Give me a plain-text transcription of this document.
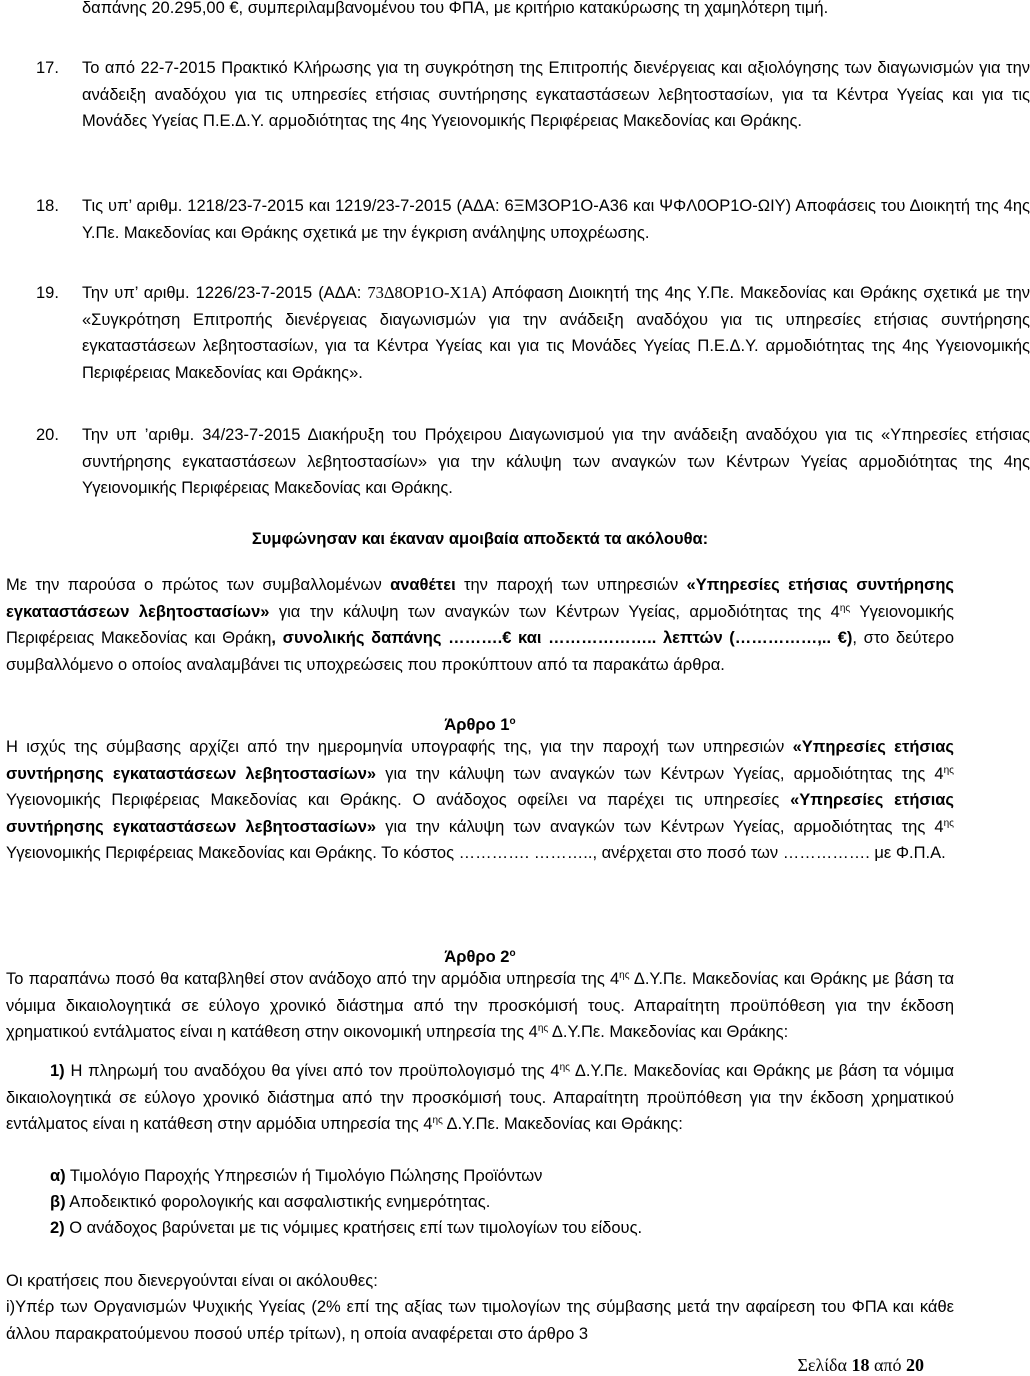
δαπάνης 20.295,00 €, συμπεριλαμβανομένου του ΦΠΑ, με κριτήριο κατακύρωσης τη χαμηλότερη τιμή.
17. Το από 22-7-2015 Πρακτικό Κλήρωσης για τη συγκρότηση της Επιτροπής διενέργειας και αξιολόγησης των διαγωνισμών για την ανάδειξη αναδόχου για τις υπηρεσίες ετήσιας συντήρησης εγκαταστάσεων λεβητοστασίων, για τα Κέντρα Υγείας και για τις Μονάδες Υγείας Π.Ε.Δ.Υ. αρμοδιότητας της 4ης Υγειονομικής Περιφέρειας Μακεδονίας και Θράκης.
18. Τις υπ’ αριθμ. 1218/23-7-2015 και 1219/23-7-2015 (ΑΔΑ: 6ΞΜ3ΟΡ1Ο-Α36 και ΨΦΛ0ΟΡ1Ο-ΩΙΥ) Αποφάσεις του Διοικητή της 4ης Υ.Πε. Μακεδονίας και Θράκης σχετικά με την έγκριση ανάληψης υποχρέωσης.
19. Την υπ’ αριθμ. 1226/23-7-2015 (ΑΔΑ: 73Δ8ΟΡ1Ο-Χ1Α) Απόφαση Διοικητή της 4ης Υ.Πε. Μακεδονίας και Θράκης σχετικά με την «Συγκρότηση Επιτροπής διενέργειας διαγωνισμών για την ανάδειξη αναδόχου για τις υπηρεσίες ετήσιας συντήρησης εγκαταστάσεων λεβητοστασίων, για τα Κέντρα Υγείας και για τις Μονάδες Υγείας Π.Ε.Δ.Υ. αρμοδιότητας της 4ης Υγειονομικής Περιφέρειας Μακεδονίας και Θράκης».
20. Την υπ ’αριθμ. 34/23-7-2015 Διακήρυξη του Πρόχειρου Διαγωνισμού για την ανάδειξη αναδόχου για τις «Υπηρεσίες ετήσιας συντήρησης εγκαταστάσεων λεβητοστασίων» για την κάλυψη των αναγκών των Κέντρων Υγείας αρμοδιότητας της 4ης Υγειονομικής Περιφέρειας Μακεδονίας και Θράκης.
Συμφώνησαν και έκαναν αμοιβαία αποδεκτά τα ακόλουθα:

Με την παρούσα ο πρώτος των συμβαλλομένων αναθέτει την παροχή των υπηρεσιών «Υπηρεσίες ετήσιας συντήρησης εγκαταστάσεων λεβητοστασίων» για την κάλυψη των αναγκών των Κέντρων Υγείας, αρμοδιότητας της $4^{\eta\varsigma}$ Υγειονομικής Περιφέρειας Μακεδονίας και Θράκη, συνολικής δαπάνης ……….€ και ……………….. λεπτών (……………,.. €), στο δεύτερο συμβαλλόμενο ο οποίος αναλαμβάνει τις υποχρεώσεις που προκύπτουν από τα παρακάτω άρθρα.

Άρθρο $1^o$

Η ισχύς της σύμβασης αρχίζει από την ημερομηνία υπογραφής της, για την παροχή των υπηρεσιών «Υπηρεσίες ετήσιας συντήρησης εγκαταστάσεων λεβητοστασίων» για την κάλυψη των αναγκών των Κέντρων Υγείας, αρμοδιότητας της $4^{\eta\varsigma}$ Υγειονομικής Περιφέρειας Μακεδονίας και Θράκης. Ο ανάδοχος οφείλει να παρέχει τις υπηρεσίες «Υπηρεσίες ετήσιας συντήρησης εγκαταστάσεων λεβητοστασίων» για την κάλυψη των αναγκών των Κέντρων Υγείας, αρμοδιότητας της $4^{\eta\varsigma}$ Υγειονομικής Περιφέρειας Μακεδονίας και Θράκης. Το κόστος …………. ……….., ανέρχεται στο ποσό των ……………. με Φ.Π.Α.

Άρθρο $2^o$

Το παραπάνω ποσό θα καταβληθεί στον ανάδοχο από την αρμόδια υπηρεσία της $4^{\eta\varsigma}$ Δ.Υ.Πε. Μακεδονίας και Θράκης με βάση τα νόμιμα δικαιολογητικά σε εύλογο χρονικό διάστημα από την προσκόμισή τους. Απαραίτητη προϋπόθεση για την έκδοση χρηματικού εντάλματος είναι η κατάθεση στην οικονομική υπηρεσία της $4^{\eta\varsigma}$ Δ.Υ.Πε. Μακεδονίας και Θράκης:

1) Η πληρωμή του αναδόχου θα γίνει από τον προϋπολογισμό της $4^{\eta\varsigma}$ Δ.Υ.Πε. Μακεδονίας και Θράκης με βάση τα νόμιμα δικαιολογητικά σε εύλογο χρονικό διάστημα από την προσκόμισή τους. Απαραίτητη προϋπόθεση για την έκδοση χρηματικού εντάλματος είναι η κατάθεση στην αρμόδια υπηρεσία της $4^{\eta\varsigma}$ Δ.Υ.Πε. Μακεδονίας και Θράκης:

α) Τιμολόγιο Παροχής Υπηρεσιών ή Τιμολόγιο Πώλησης Προϊόντων

β) Αποδεικτικό φορολογικής και ασφαλιστικής ενημερότητας.

2) Ο ανάδοχος βαρύνεται με τις νόμιμες κρατήσεις επί των τιμολογίων του είδους.

Οι κρατήσεις που διενεργούνται είναι οι ακόλουθες:

i)Υπέρ των Οργανισμών Ψυχικής Υγείας (2% επί της αξίας των τιμολογίων της σύμβασης μετά την αφαίρεση του ΦΠΑ και κάθε άλλου παρακρατούμενου ποσού υπέρ τρίτων), η οποία αναφέρεται στο άρθρο 3

Σελίδα 18 από 20
